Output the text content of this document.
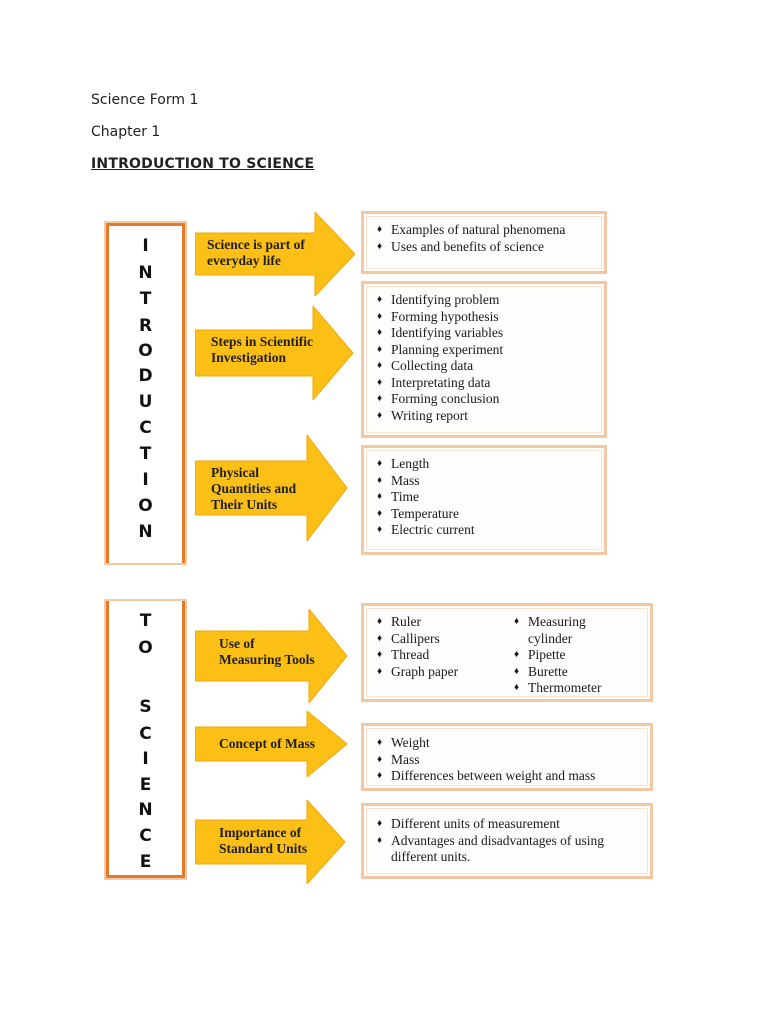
Science Form 1
Chapter 1
INTRODUCTION TO SCIENCE
I
N
T
R
O
D
U
C
T
I
O
N
T
O
S
C
I
E
N
C
E
Science is part of
everyday life
♦ Examples of natural phenomena
♦ Uses and benefits of science
Steps in Scientific
Investigation
♦ Identifying problem
♦ Forming hypothesis
♦ Identifying variables
♦ Planning experiment
♦ Collecting data
♦ Interpretating data
♦ Forming conclusion
♦ Writing report
Physical
Quantities and
Their Units
♦ Length
♦ Mass
♦ Time
♦ Temperature
♦ Electric current
Use of
Measuring Tools
♦ Ruler
♦ Callipers
♦ Thread
♦ Graph paper
♦ Measuring
cylinder
♦ Pipette
♦ Burette
♦ Thermometer
Concept of Mass	♦ Weight
♦ Mass
♦ Differences between weight and mass
Importance of
Standard Units
♦ Different units of measurement
♦ Advantages and disadvantages of using
different units.
